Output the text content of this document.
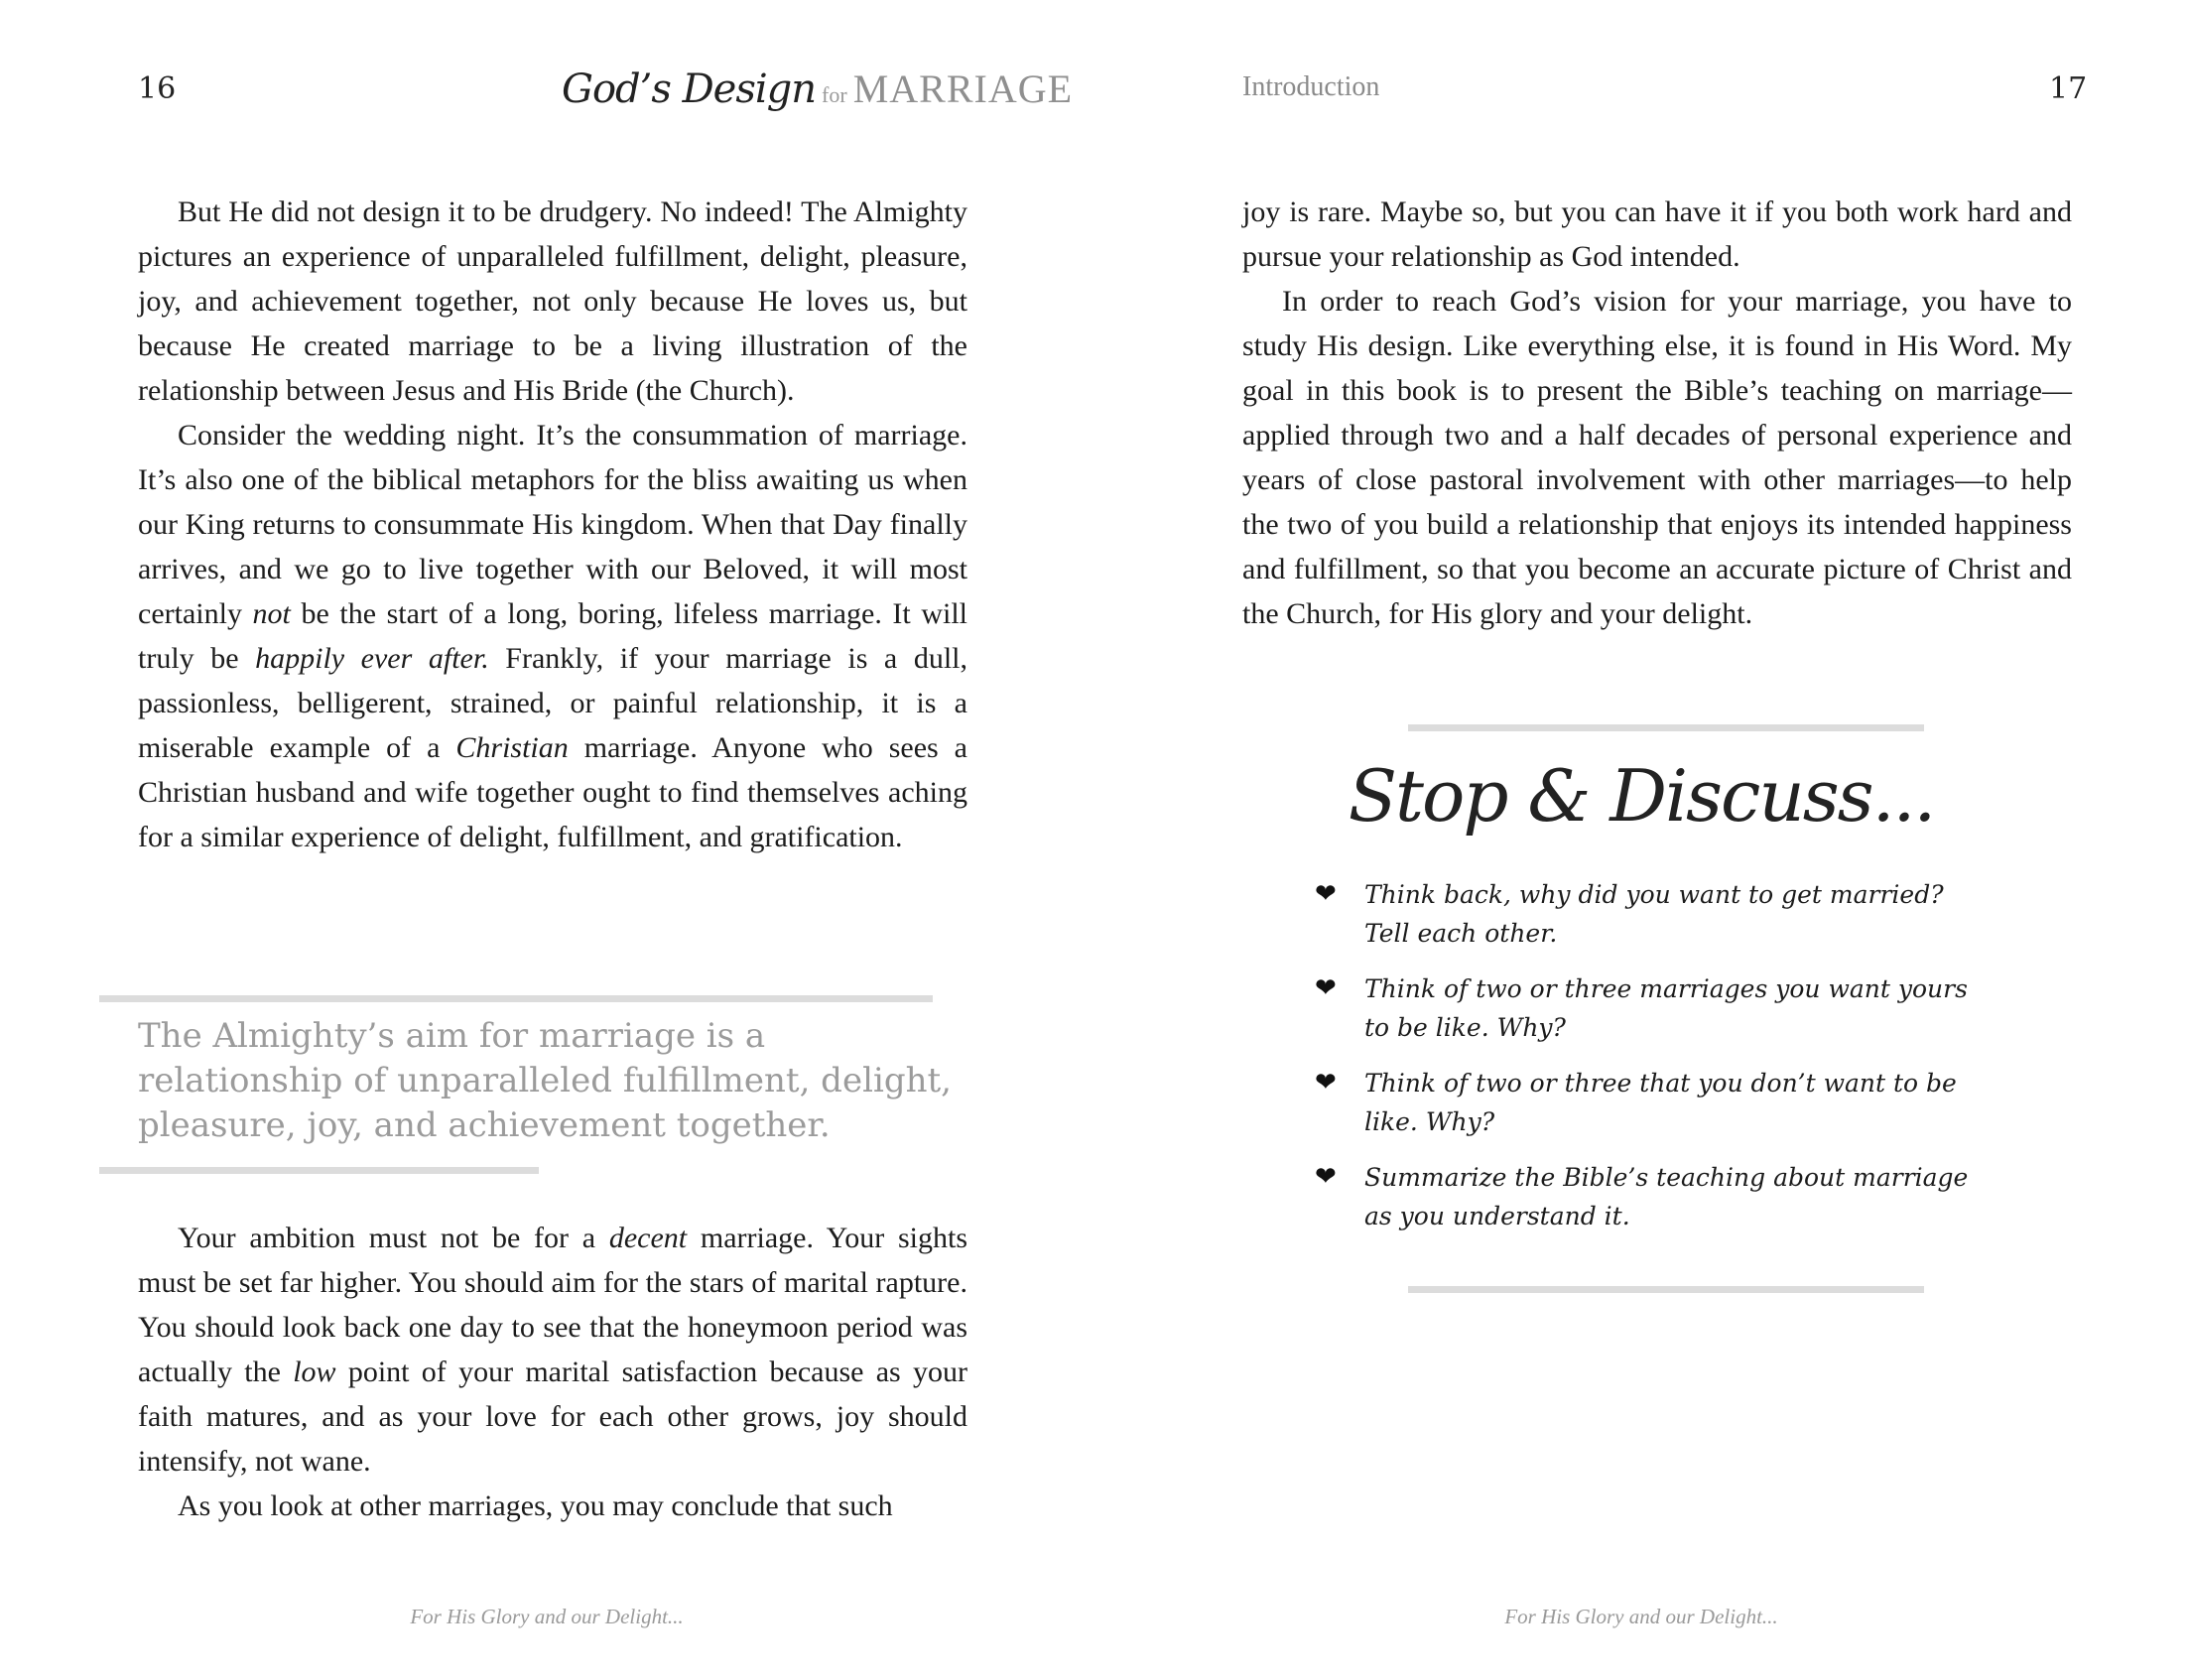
16	God’s Design for MARRIAGE

But He did not design it to be drudgery. No indeed! The Almighty pictures an experience of unparalleled fulfillment, delight, pleasure, joy, and achievement together, not only because He loves us, but because He created marriage to be a living illustration of the relationship between Jesus and His Bride (the Church).

Consider the wedding night. It’s the consummation of marriage. It’s also one of the biblical metaphors for the bliss awaiting us when our King returns to consummate His kingdom. When that Day finally arrives, and we go to live together with our Beloved, it will most certainly not be the start of a long, boring, lifeless marriage. It will truly be happily ever after. Frankly, if your marriage is a dull, passionless, belligerent, strained, or painful relationship, it is a miserable example of a Christian marriage. Anyone who sees a Christian husband and wife together ought to find themselves aching for a similar experience of delight, fulfillment, and gratification.

The Almighty’s aim for marriage is a relationship of unparalleled fulfillment, delight, pleasure, joy, and achievement together.

Your ambition must not be for a decent marriage. Your sights must be set far higher. You should aim for the stars of marital rapture. You should look back one day to see that the honeymoon period was actually the low point of your marital satisfaction because as your faith matures, and as your love for each other grows, joy should intensify, not wane.

As you look at other marriages, you may conclude that such

For His Glory and our Delight...
Introduction	17

joy is rare. Maybe so, but you can have it if you both work hard and pursue your relationship as God intended.

In order to reach God’s vision for your marriage, you have to study His design. Like everything else, it is found in His Word. My goal in this book is to present the Bible’s teaching on marriage—applied through two and a half decades of personal experience and years of close pastoral involvement with other marriages—to help the two of you build a relationship that enjoys its intended happiness and fulfillment, so that you become an accurate picture of Christ and the Church, for His glory and your delight.

Stop & Discuss...
❤ Think back, why did you want to get married? Tell each other.
❤ Think of two or three marriages you want yours to be like. Why?
❤ Think of two or three that you don’t want to be like. Why?
❤ Summarize the Bible’s teaching about marriage as you understand it.
For His Glory and our Delight...
